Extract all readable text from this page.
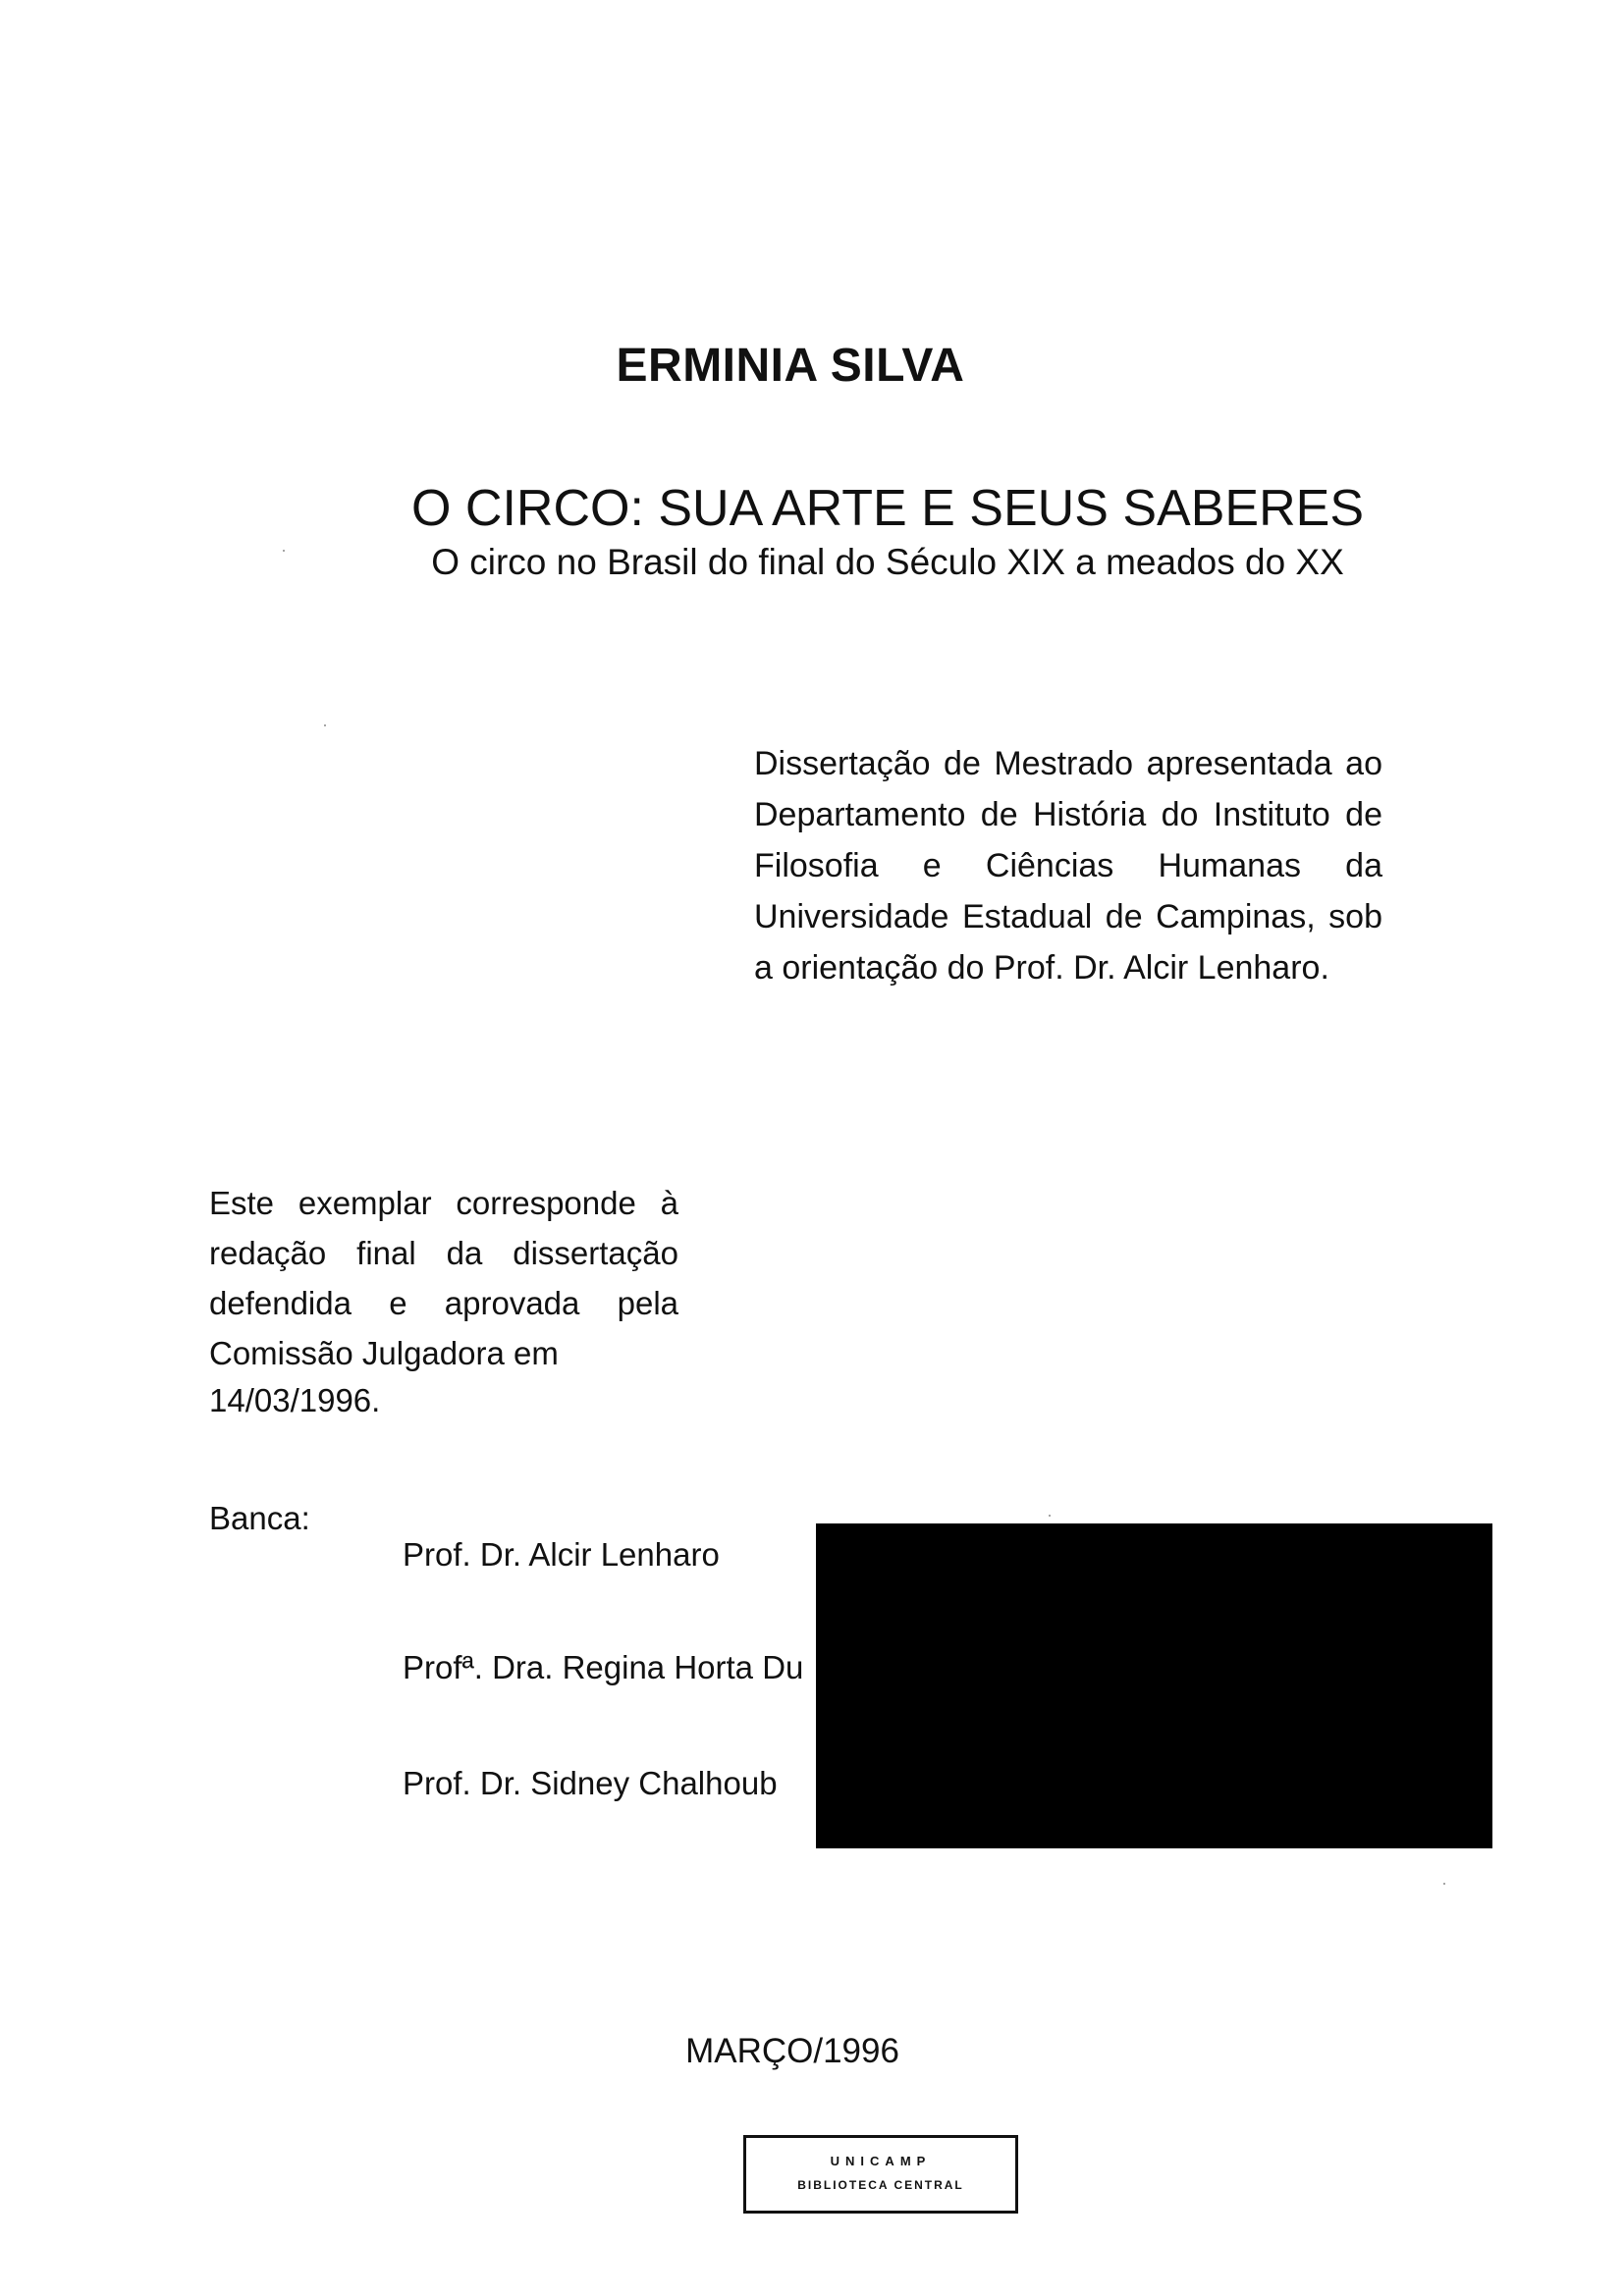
ERMINIA SILVA
O CIRCO: SUA ARTE E SEUS SABERES
O circo no Brasil do final do Século XIX a meados do XX
Dissertação de Mestrado apresentada ao Departamento de História do Instituto de Filosofia e Ciências Humanas da Universidade Estadual de Campinas, sob a orientação do Prof. Dr. Alcir Lenharo.
Este exemplar corresponde à redação final da dissertação defendida e aprovada pela Comissão Julgadora em
14/03/1996.
Banca:
Prof. Dr. Alcir Lenharo
Profª. Dra. Regina Horta Du
Prof. Dr. Sidney Chalhoub
MARÇO/1996
UNICAMP
BIBLIOTECA CENTRAL
